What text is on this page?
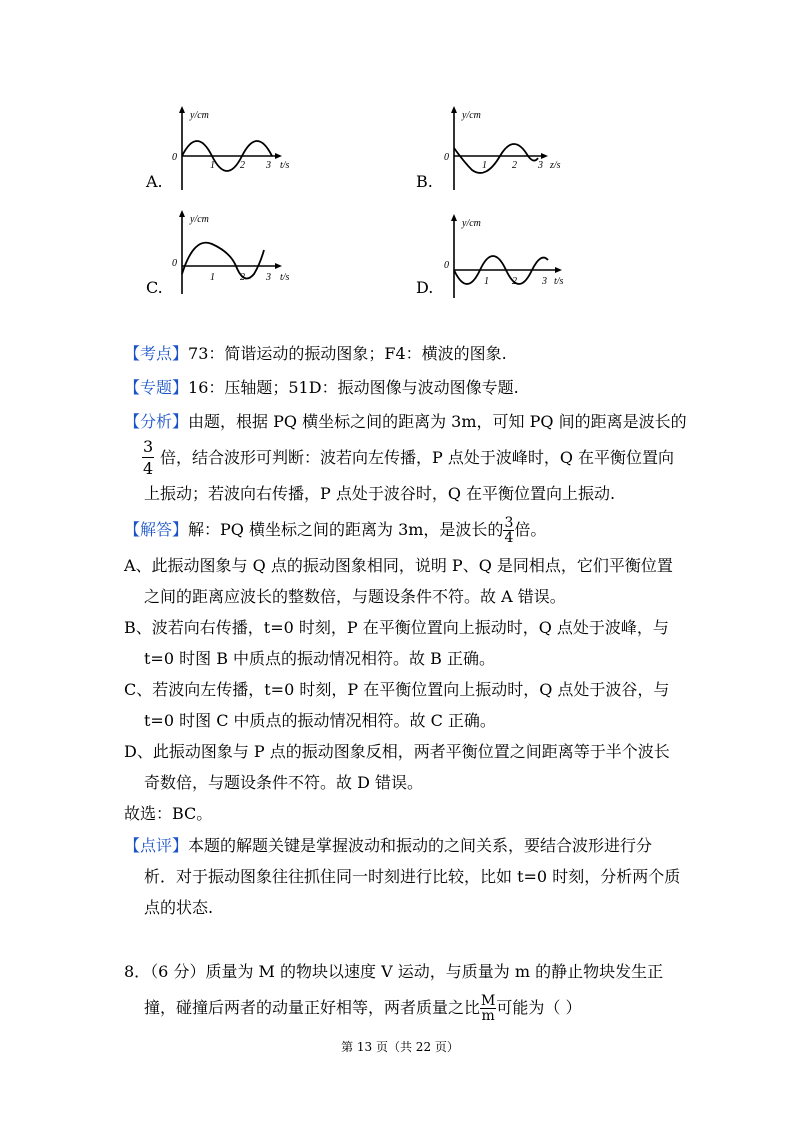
A.	B.
C.	D.
y/cm
0
1	2 3 t/s
y/cm
0
1	2 3 z/s
y/cm
0
1	2 3 t/s
y/cm
0
1 2	3 t/s
【考点】73：简谐运动的振动图象；F4：横波的图象.
【专题】16：压轴题；51D：振动图像与波动图像专题.
【分析】由题，根据 PQ 横坐标之间的距离为 3m，可知 PQ 间的距离是波长的
$\frac{3}{4}$ 倍，结合波形可判断：波若向左传播，P 点处于波峰时，Q 在平衡位置向
上振动；若波向右传播，P 点处于波谷时，Q 在平衡位置向上振动.
【解答】解：PQ 横坐标之间的距离为 3m，是波长的 $\frac{3}{4}$ 倍。
A、此振动图象与 Q 点的振动图象相同，说明 P、Q 是同相点，它们平衡位置
之间的距离应波长的整数倍，与题设条件不符。故 A 错误。
B、波若向右传播，t=0 时刻，P 在平衡位置向上振动时，Q 点处于波峰，与
t=0 时图 B 中质点的振动情况相符。故 B 正确。
C、若波向左传播，t=0 时刻，P 在平衡位置向上振动时，Q 点处于波谷，与
t=0 时图 C 中质点的振动情况相符。故 C 正确。
D、此振动图象与 P 点的振动图象反相，两者平衡位置之间距离等于半个波长
奇数倍，与题设条件不符。故 D 错误。
故选：BC。
【点评】本题的解题关键是掌握波动和振动的之间关系，要结合波形进行分
析．对于振动图象往往抓住同一时刻进行比较，比如 t=0 时刻，分析两个质
点的状态.
8．（6 分）质量为 M 的物块以速度 V 运动，与质量为 m 的静止物块发生正
撞，碰撞后两者的动量正好相等，两者质量之比 $\frac{M}{m}$ 可能为（ ）
第 13 页（共 22 页）
